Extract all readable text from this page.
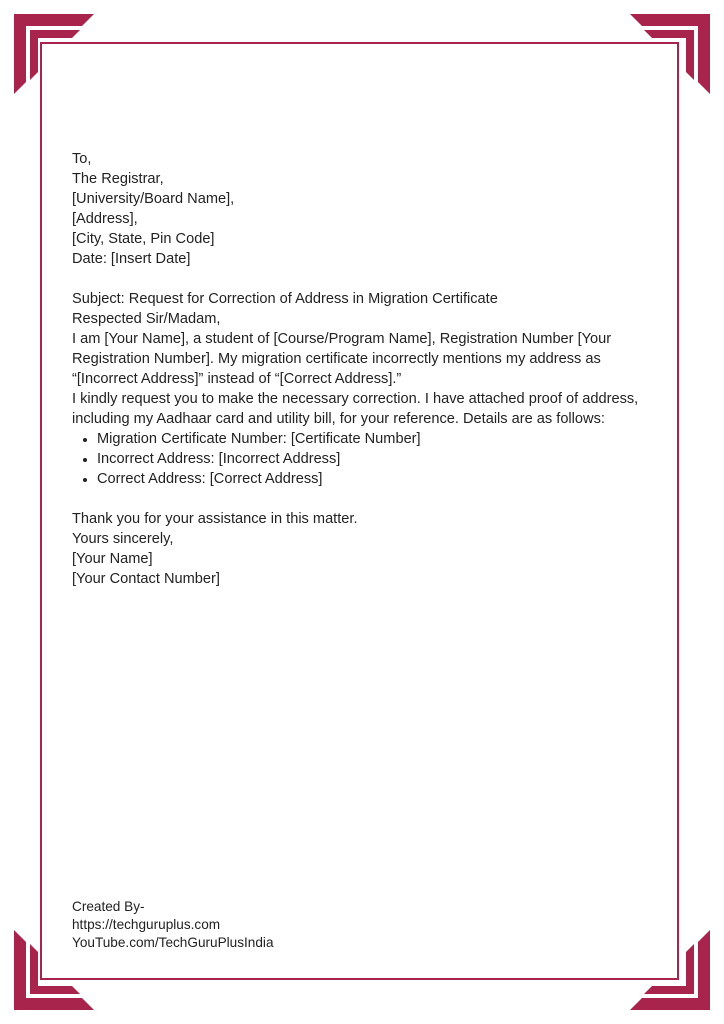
To,

The Registrar,

[University/Board Name],

[Address],

[City, State, Pin Code]

Date: [Insert Date]

Subject: Request for Correction of Address in Migration Certificate

Respected Sir/Madam,

I am [Your Name], a student of [Course/Program Name], Registration Number [Your Registration Number]. My migration certificate incorrectly mentions my address as “[Incorrect Address]” instead of “[Correct Address].”

I kindly request you to make the necessary correction. I have attached proof of address, including my Aadhaar card and utility bill, for your reference. Details are as follows:

• Migration Certificate Number: [Certificate Number]
• Incorrect Address: [Incorrect Address]
• Correct Address: [Correct Address]

Thank you for your assistance in this matter.

Yours sincerely,

[Your Name]

[Your Contact Number]

Created By-

https://techguruplus.com

YouTube.com/TechGuruPlusIndia
